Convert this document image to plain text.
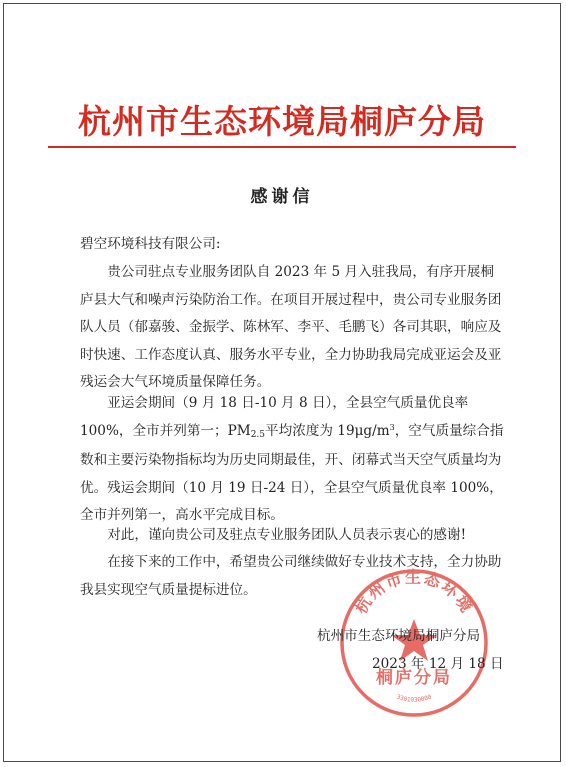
杭州市生态环境局桐庐分局
感谢信
碧空环境科技有限公司:
贵公司驻点专业服务团队自 2023 年 5 月入驻我局，有序开展桐庐县大气和噪声污染防治工作。在项目开展过程中，贵公司专业服务团队人员（郁嘉骏、金振学、陈林军、李平、毛鹏飞）各司其职，响应及时快速、工作态度认真、服务水平专业，全力协助我局完成亚运会及亚残运会大气环境质量保障任务。
亚运会期间（9 月 18 日-10 月 8 日），全县空气质量优良率 100%，全市并列第一；PM2.5平均浓度为 $19\mu g/m^3$，空气质量综合指数和主要污染物指标均为历史同期最佳，开、闭幕式当天空气质量均为优。残运会期间（10 月 19 日-24 日），全县空气质量优良率 100%，全市并列第一，高水平完成目标。
对此，谨向贵公司及驻点专业服务团队人员表示衷心的感谢!
在接下来的工作中，希望贵公司继续做好专业技术支持，全力协助我县实现空气质量提标进位。
杭州市生态环境
桐庐分局
3301030000
杭州市生态环境局桐庐分局
2023 年 12 月 18 日
